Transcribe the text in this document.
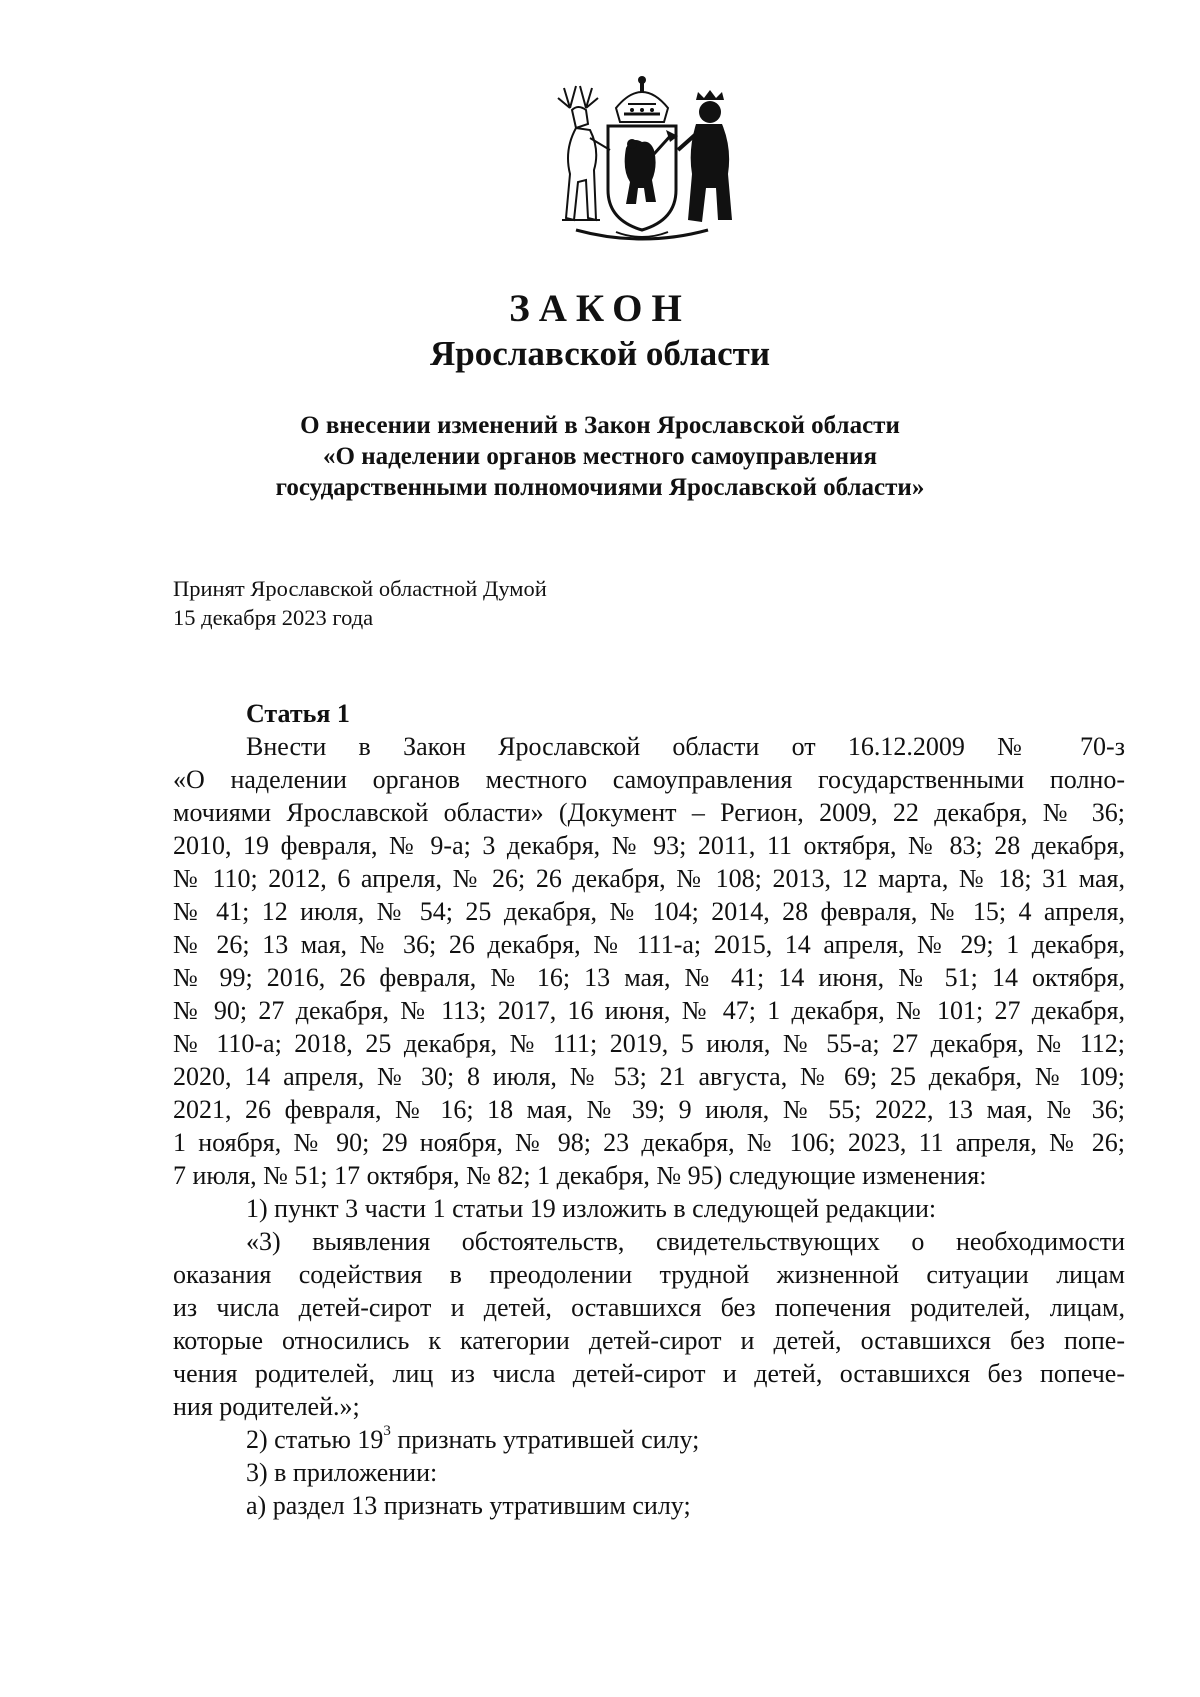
ЗАКОН
Ярославской области
О внесении изменений в Закон Ярославской области
«О наделении органов местного самоуправления
государственными полномочиями Ярославской области»
Принят Ярославской областной Думой
15 декабря 2023 года
Статья 1
Внести в Закон Ярославской области от 16.12.2009 № 70-з
«О наделении органов местного самоуправления государственными полно-
мочиями Ярославской области» (Документ – Регион, 2009, 22 декабря, № 36;
2010, 19 февраля, № 9-а; 3 декабря, № 93; 2011, 11 октября, № 83; 28 декабря,
№ 110; 2012, 6 апреля, № 26; 26 декабря, № 108; 2013, 12 марта, № 18; 31 мая,
№ 41; 12 июля, № 54; 25 декабря, № 104; 2014, 28 февраля, № 15; 4 апреля,
№ 26; 13 мая, № 36; 26 декабря, № 111-а; 2015, 14 апреля, № 29; 1 декабря,
№ 99; 2016, 26 февраля, № 16; 13 мая, № 41; 14 июня, № 51; 14 октября,
№ 90; 27 декабря, № 113; 2017, 16 июня, № 47; 1 декабря, № 101; 27 декабря,
№ 110-а; 2018, 25 декабря, № 111; 2019, 5 июля, № 55-а; 27 декабря, № 112;
2020, 14 апреля, № 30; 8 июля, № 53; 21 августа, № 69; 25 декабря, № 109;
2021, 26 февраля, № 16; 18 мая, № 39; 9 июля, № 55; 2022, 13 мая, № 36;
1 ноября, № 90; 29 ноября, № 98; 23 декабря, № 106; 2023, 11 апреля, № 26;
7 июля, № 51; 17 октября, № 82; 1 декабря, № 95) следующие изменения:
1) пункт 3 части 1 статьи 19 изложить в следующей редакции:
«3) выявления обстоятельств, свидетельствующих о необходимости
оказания содействия в преодолении трудной жизненной ситуации лицам
из числа детей-сирот и детей, оставшихся без попечения родителей, лицам,
которые относились к категории детей-сирот и детей, оставшихся без попе-
чения родителей, лиц из числа детей-сирот и детей, оставшихся без попече-
ния родителей.»;
2) статью $19^3$ признать утратившей силу;
3) в приложении:
а) раздел 13 признать утратившим силу;
